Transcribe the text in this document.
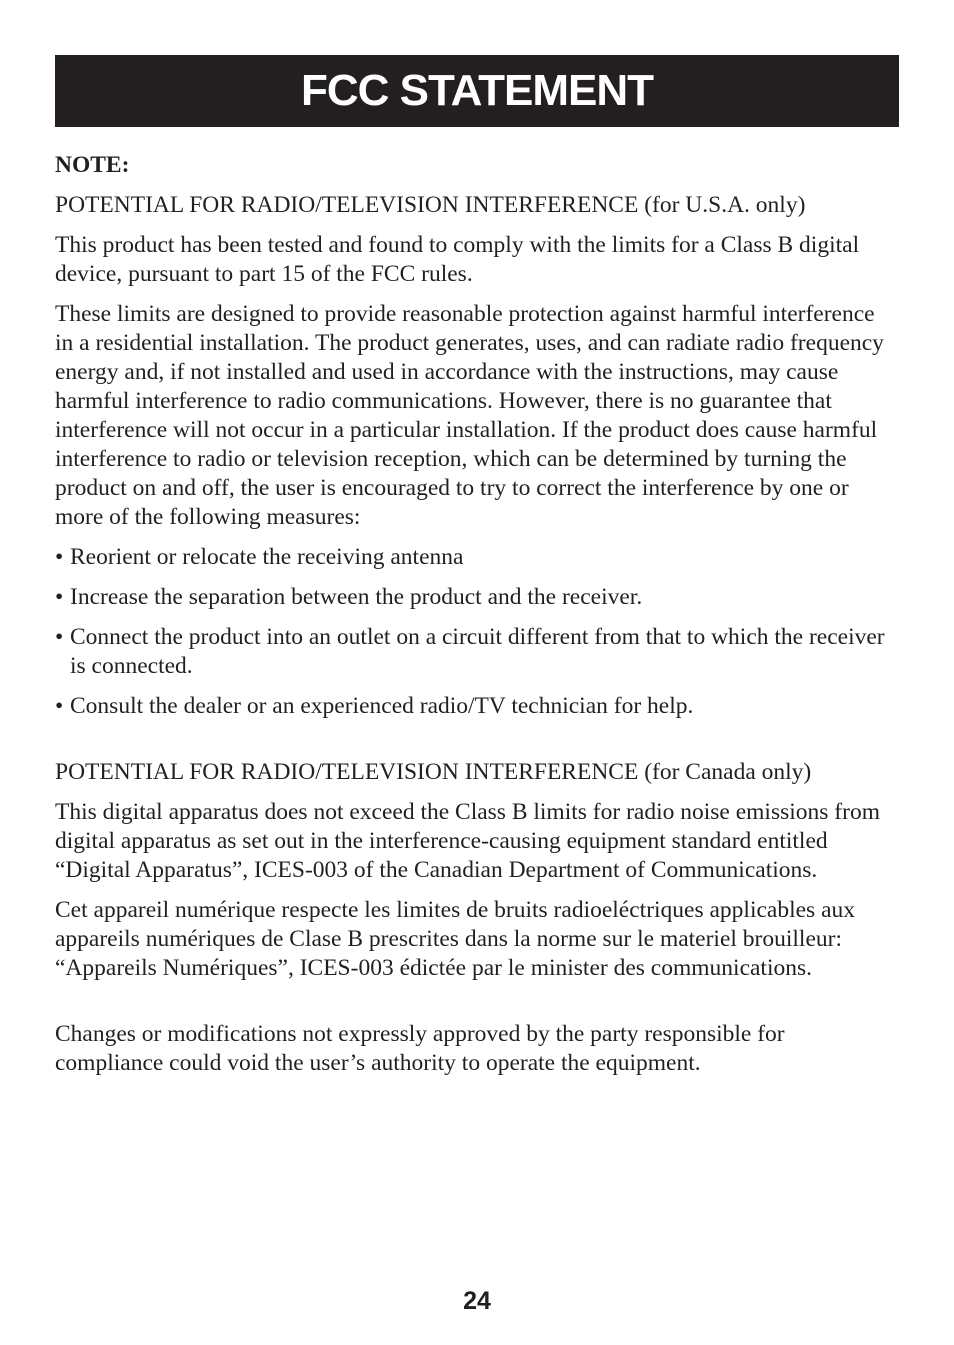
FCC STATEMENT

NOTE:

POTENTIAL FOR RADIO/TELEVISION INTERFERENCE (for U.S.A. only)

This product has been tested and found to comply with the limits for a Class B digital device, pursuant to part 15 of the FCC rules.

These limits are designed to provide reasonable protection against harmful interference in a residential installation. The product generates, uses, and can radiate radio frequency energy and, if not installed and used in accordance with the instructions, may cause harmful interference to radio communications. However, there is no guarantee that interference will not occur in a particular installation. If the product does cause harmful interference to radio or television reception, which can be determined by turning the product on and off, the user is encouraged to try to correct the interference by one or more of the following measures:

• Reorient or relocate the receiving antenna
• Increase the separation between the product and the receiver.
• Connect the product into an outlet on a circuit different from that to which the receiver is connected.
• Consult the dealer or an experienced radio/TV technician for help.

POTENTIAL FOR RADIO/TELEVISION INTERFERENCE (for Canada only)

This digital apparatus does not exceed the Class B limits for radio noise emissions from digital apparatus as set out in the interference-causing equipment standard entitled “Digital Apparatus”, ICES-003 of the Canadian Department of Communications.

Cet appareil numérique respecte les limites de bruits radioeléctriques applicables aux appareils numériques de Clase B prescrites dans la norme sur le materiel brouilleur: “Appareils Numériques”, ICES-003 édictée par le minister des communications.

Changes or modifications not expressly approved by the party responsible for compliance could void the user’s authority to operate the equipment.

24
